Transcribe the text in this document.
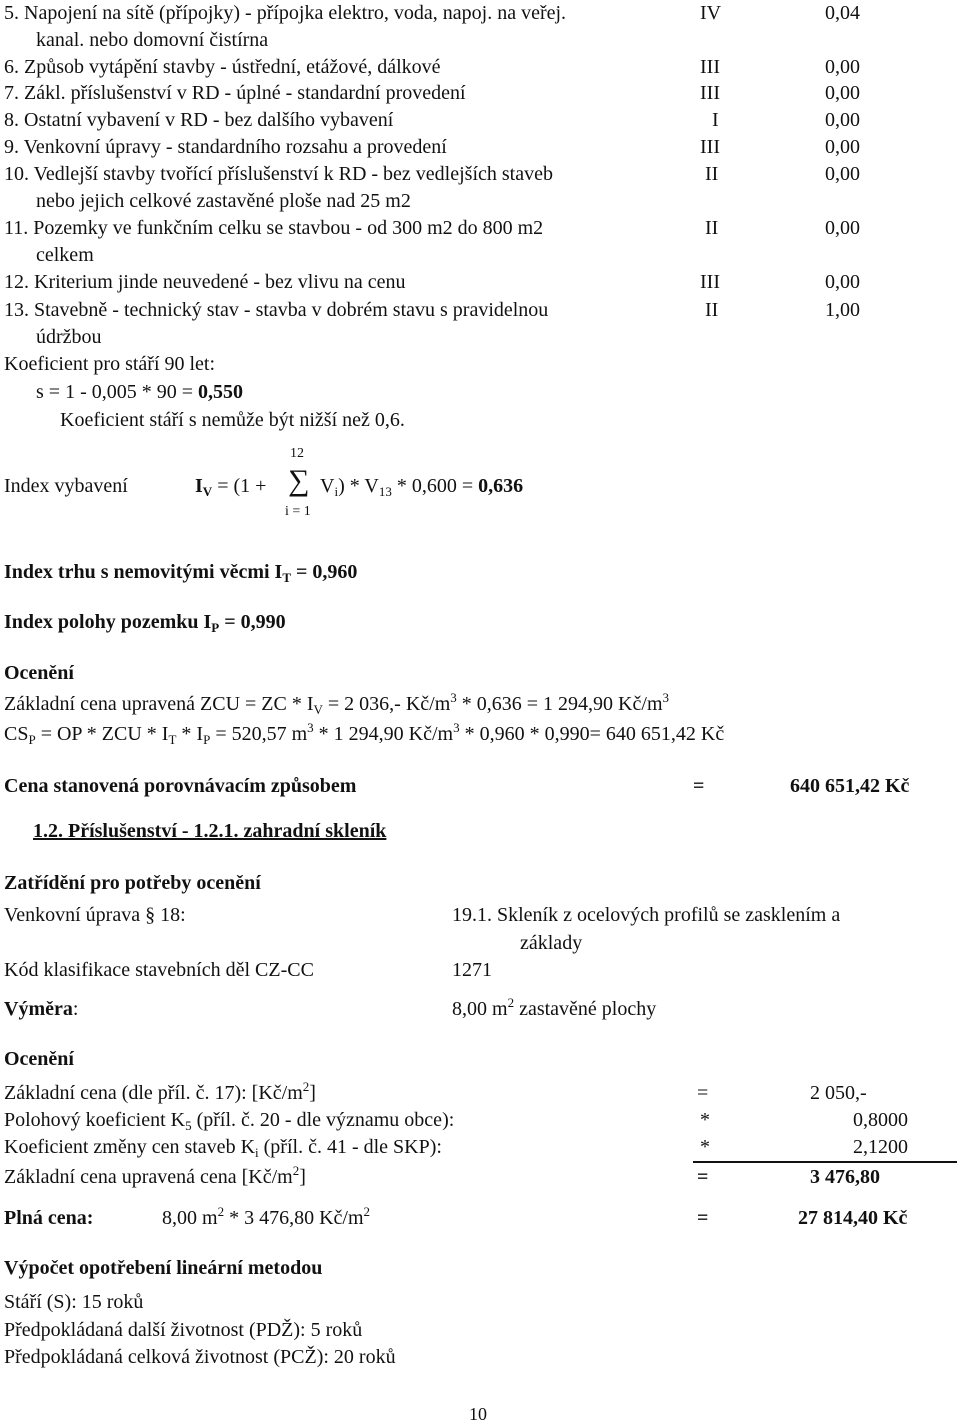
5. Napojení na sítě (přípojky) - přípojka elektro, voda, napoj. na veřej.
kanal. nebo domovní čistírna
IV	0,04
6. Způsob vytápění stavby - ústřední, etážové, dálkové	III	0,00
7. Zákl. příslušenství v RD - úplné - standardní provedení	III	0,00
8. Ostatní vybavení v RD - bez dalšího vybavení	I	0,00
9. Venkovní úpravy - standardního rozsahu a provedení	III	0,00
10. Vedlejší stavby tvořící příslušenství k RD - bez vedlejších staveb
nebo jejich celkové zastavěné ploše nad 25 m2
II	0,00
11. Pozemky ve funkčním celku se stavbou - od 300 m2 do 800 m2
celkem
II	0,00
12. Kriterium jinde neuvedené - bez vlivu na cenu	III	0,00
13. Stavebně - technický stav - stavba v dobrém stavu s pravidelnou
údržbou
II	1,00
Koeficient pro stáří 90 let:
s = 1 - 0,005 * 90 = 0,550
Koeficient stáří s nemůže být nižší než 0,6.
12
Index vybavení	$I_V = (1$ + ∑ $V_i) * V_{13} * 0,600 = 0,636$
i = 1
Index trhu s nemovitými věcmi $I_T = 0,960$
Index polohy pozemku $I_P = 0,990$
Ocenění
Základní cena upravená ZCU = ZC * $I_V = 2$ 036,- $Kč/m^3 * 0,636 = 1$ 294,90 $Kč/m^3$
$CS_P$ = OP * ZCU * $I_T * I_P = 520,57$ $m^3 * 1$ 294,90 $Kč/m^3 * 0,960 * 0,990= 640$ 651,42 Kč
Cena stanovená porovnávacím způsobem	=	640 651,42 Kč
1.2. Příslušenství - 1.2.1. zahradní skleník
Zatřídění pro potřeby ocenění
Venkovní úprava § 18:	19.1. Skleník z ocelových profilů se zasklením a
základy
Kód klasifikace stavebních děl CZ-CC	1271
Výměra:	8,00 $m^2$ zastavěné plochy
Ocenění
Základní cena (dle příl. č. 17): $[Kč/m^2]$	=	2 050,-
Polohový koeficient $K_5$ (příl. č. 20 - dle významu obce):	*	0,8000
Koeficient změny cen staveb $K_i$ (příl. č. 41 - dle SKP):	*	2,1200
Základní cena upravená cena $[Kč/m^2]$	=	3 476,80
Plná cena:	8,00 $m^2 * 3$ 476,80 $Kč/m^2$	=	27 814,40 Kč
Výpočet opotřebení lineární metodou
Stáří (S): 15 roků
Předpokládaná další životnost (PDŽ): 5 roků
Předpokládaná celková životnost (PCŽ): 20 roků
10
